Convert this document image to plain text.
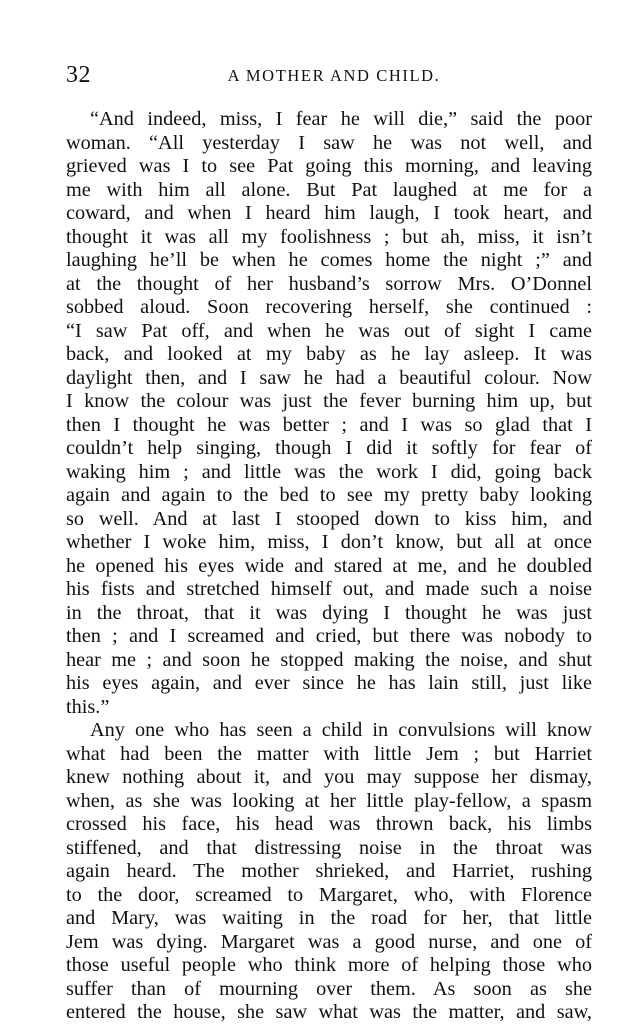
32	A MOTHER AND CHILD.
“And indeed, miss, I fear he will die,” said the poor
woman. “All yesterday I saw he was not well, and
grieved was I to see Pat going this morning, and leaving
me with him all alone. But Pat laughed at me for a
coward, and when I heard him laugh, I took heart, and
thought it was all my foolishness ; but ah, miss, it isn’t
laughing he’ll be when he comes home the night ;” and
at the thought of her husband’s sorrow Mrs. O’Donnel
sobbed aloud. Soon recovering herself, she continued :
“I saw Pat off, and when he was out of sight I came
back, and looked at my baby as he lay asleep. It was
daylight then, and I saw he had a beautiful colour. Now
I know the colour was just the fever burning him up, but
then I thought he was better ; and I was so glad that I
couldn’t help singing, though I did it softly for fear of
waking him ; and little was the work I did, going back
again and again to the bed to see my pretty baby looking
so well. And at last I stooped down to kiss him, and
whether I woke him, miss, I don’t know, but all at once
he opened his eyes wide and stared at me, and he doubled
his fists and stretched himself out, and made such a noise
in the throat, that it was dying I thought he was just
then ; and I screamed and cried, but there was nobody to
hear me ; and soon he stopped making the noise, and shut
his eyes again, and ever since he has lain still, just like
this.”
Any one who has seen a child in convulsions will know
what had been the matter with little Jem ; but Harriet
knew nothing about it, and you may suppose her dismay,
when, as she was looking at her little play-fellow, a spasm
crossed his face, his head was thrown back, his limbs
stiffened, and that distressing noise in the throat was
again heard. The mother shrieked, and Harriet, rushing
to the door, screamed to Margaret, who, with Florence
and Mary, was waiting in the road for her, that little
Jem was dying. Margaret was a good nurse, and one of
those useful people who think more of helping those who
suffer than of mourning over them. As soon as she
entered the house, she saw what was the matter, and saw,
